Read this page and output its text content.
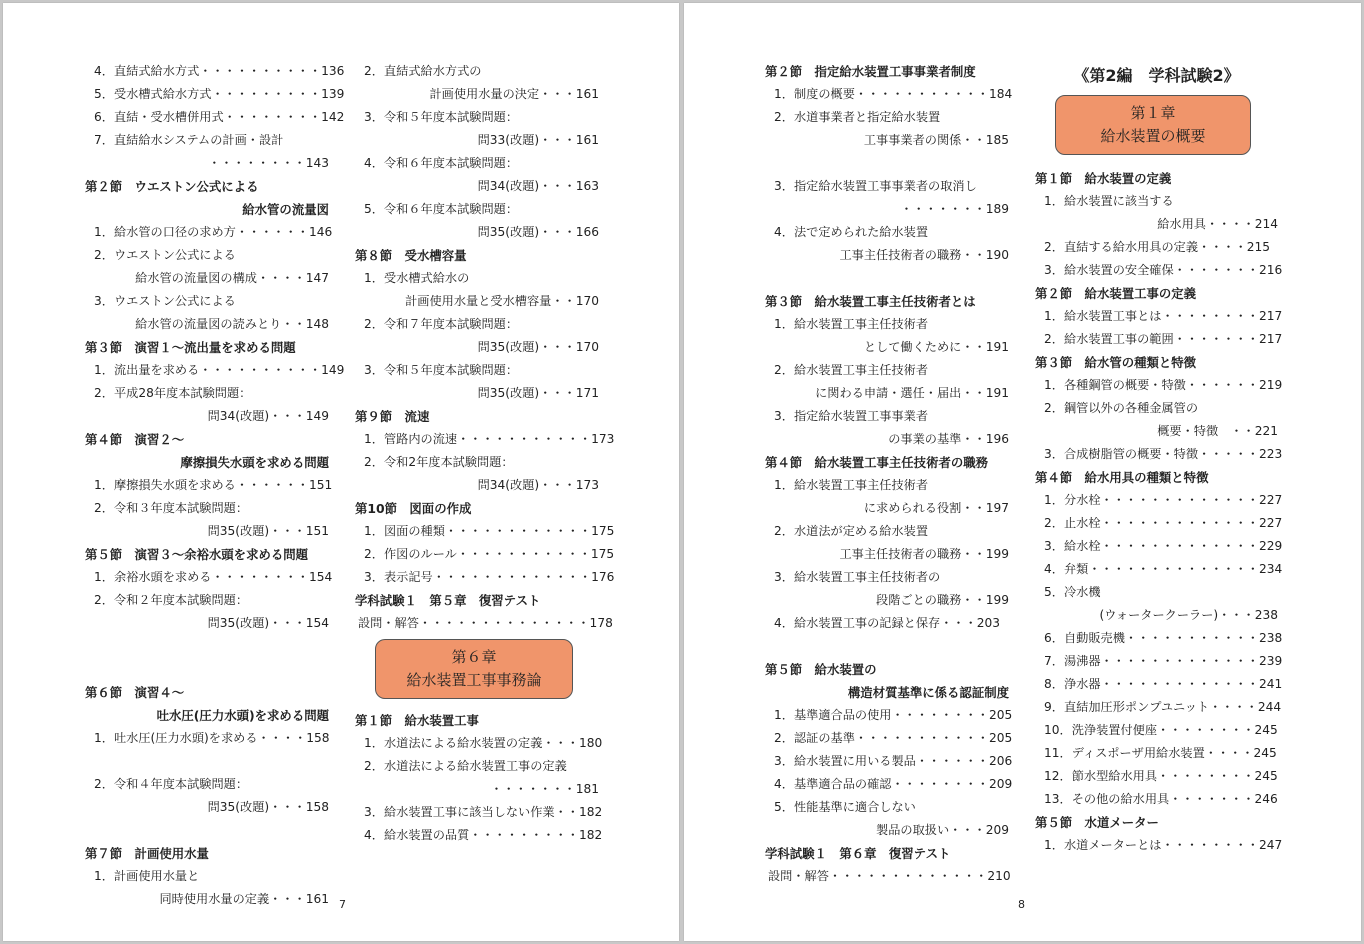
4．直結式給水方式・・・・・・・・・・136
5．受水槽式給水方式・・・・・・・・・139
6．直結・受水槽併用式・・・・・・・・142
7．直結給水システムの計画・設計
・・・・・・・・143
第２節　ウエストン公式による
給水管の流量図
1．給水管の口径の求め方・・・・・・146
2．ウエストン公式による
給水管の流量図の構成・・・・147
3．ウエストン公式による
給水管の流量図の読みとり・・148
第３節　演習１～流出量を求める問題
1．流出量を求める・・・・・・・・・・149
2．平成28年度本試験問題：
問34(改題)・・・149
第４節　演習２～
摩擦損失水頭を求める問題
1．摩擦損失水頭を求める・・・・・・151
2．令和３年度本試験問題：
問35(改題)・・・151
第５節　演習３～余裕水頭を求める問題
1．余裕水頭を求める・・・・・・・・154
2．令和２年度本試験問題：
問35(改題)・・・154
第６節　演習４～
吐水圧(圧力水頭)を求める問題
1．吐水圧(圧力水頭)を求める・・・・158
2．令和４年度本試験問題：
問35(改題)・・・158
第７節　計画使用水量
1．計画使用水量と
同時使用水量の定義・・・161
2．直結式給水方式の
計画使用水量の決定・・・161
3．令和５年度本試験問題：
問33(改題)・・・161
4．令和６年度本試験問題：
問34(改題)・・・163
5．令和６年度本試験問題：
問35(改題)・・・166
第８節　受水槽容量
1．受水槽式給水の
計画使用水量と受水槽容量・・170
2．令和７年度本試験問題：
問35(改題)・・・170
3．令和５年度本試験問題：
問35(改題)・・・171
第９節　流速
1．管路内の流速・・・・・・・・・・・173
2．令和2年度本試験問題：
問34(改題)・・・173
第10節　図面の作成
1．図面の種類・・・・・・・・・・・・175
2．作図のルール・・・・・・・・・・・175
3．表示記号・・・・・・・・・・・・・176
学科試験１　第５章　復習テスト
設問・解答・・・・・・・・・・・・・・178
第６章
給水装置工事事務論
第１節　給水装置工事
1．水道法による給水装置の定義・・・180
2．水道法による給水装置工事の定義
・・・・・・・181
3．給水装置工事に該当しない作業・・182
4．給水装置の品質・・・・・・・・・182
7
第２節　指定給水装置工事事業者制度
1．制度の概要・・・・・・・・・・・184
2．水道事業者と指定給水装置
工事事業者の関係・・185
3．指定給水装置工事事業者の取消し
・・・・・・・189
4．法で定められた給水装置
工事主任技術者の職務・・190
第３節　給水装置工事主任技術者とは
1．給水装置工事主任技術者
として働くために・・191
2．給水装置工事主任技術者
に関わる申請・選任・届出・・191
3．指定給水装置工事事業者
の事業の基準・・196
第４節　給水装置工事主任技術者の職務
1．給水装置工事主任技術者
に求められる役割・・197
2．水道法が定める給水装置
工事主任技術者の職務・・199
3．給水装置工事主任技術者の
段階ごとの職務・・199
4．給水装置工事の記録と保存・・・203
第５節　給水装置の
構造材質基準に係る認証制度
1．基準適合品の使用・・・・・・・・205
2．認証の基準・・・・・・・・・・・205
3．給水装置に用いる製品・・・・・・206
4．基準適合品の確認・・・・・・・・209
5．性能基準に適合しない
製品の取扱い・・・209
学科試験１　第６章　復習テスト
設問・解答・・・・・・・・・・・・・210
《第2編　学科試験2》
第１章
給水装置の概要
第１節　給水装置の定義
1．給水装置に該当する
給水用具・・・・214
2．直結する給水用具の定義・・・・215
3．給水装置の安全確保・・・・・・・216
第２節　給水装置工事の定義
1．給水装置工事とは・・・・・・・・217
2．給水装置工事の範囲・・・・・・・217
第３節　給水管の種類と特徴
1．各種鋼管の概要・特徴・・・・・・219
2．鋼管以外の各種金属管の
概要・特徴　・・221
3．合成樹脂管の概要・特徴・・・・・223
第４節　給水用具の種類と特徴
1．分水栓・・・・・・・・・・・・・227
2．止水栓・・・・・・・・・・・・・227
3．給水栓・・・・・・・・・・・・・229
4．弁類・・・・・・・・・・・・・・234
5．冷水機
(ウォータークーラー)・・・238
6．自動販売機・・・・・・・・・・・238
7．湯沸器・・・・・・・・・・・・・239
8．浄水器・・・・・・・・・・・・・241
9．直結加圧形ポンプユニット・・・・244
10．洗浄装置付便座・・・・・・・・245
11．ディスポーザ用給水装置・・・・245
12．節水型給水用具・・・・・・・・245
13．その他の給水用具・・・・・・・246
第５節　水道メーター
1．水道メーターとは・・・・・・・・247
8
